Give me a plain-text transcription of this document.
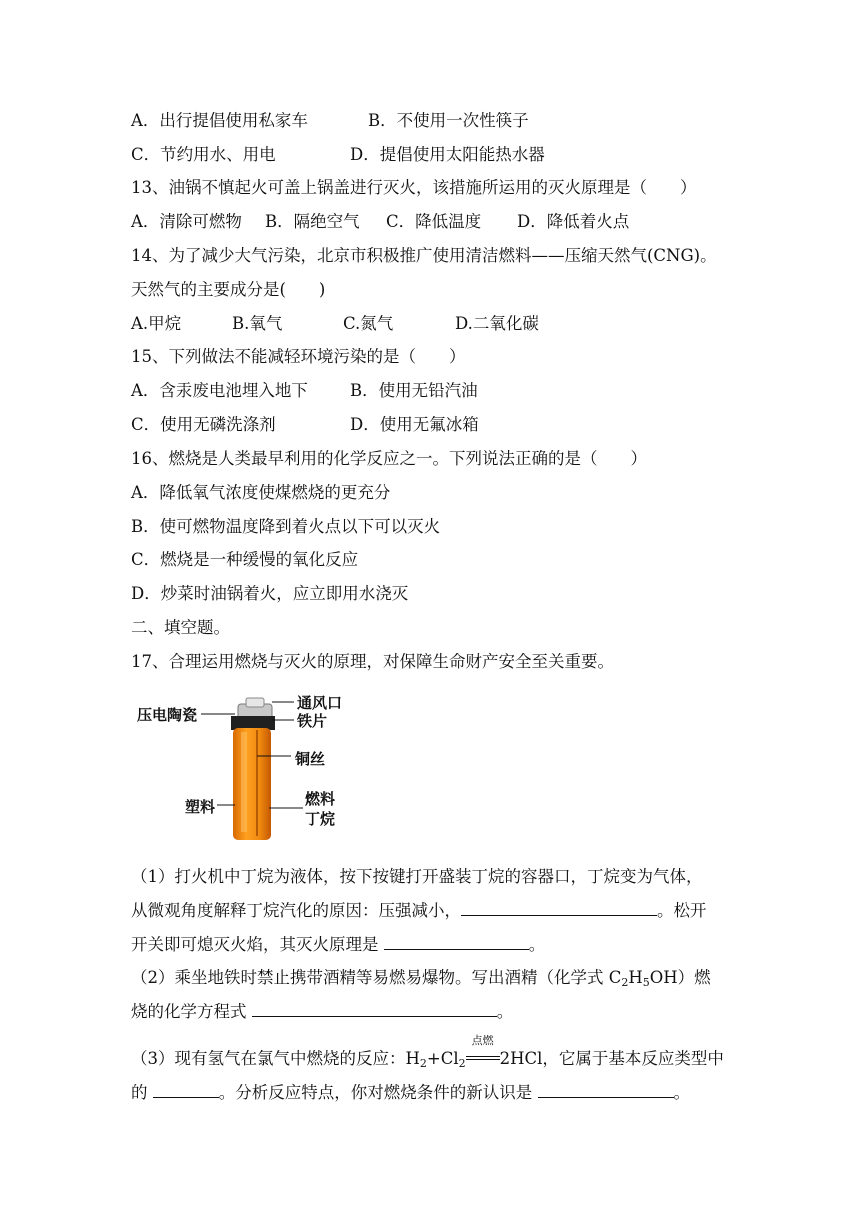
A．出行提倡使用私家车	B．不使用一次性筷子
C．节约用水、用电	D．提倡使用太阳能热水器
13、油锅不慎起火可盖上锅盖进行灭火，该措施所运用的灭火原理是（　　）
A．清除可燃物 B．隔绝空气 C．降低温度 D．降低着火点
14、为了减少大气污染，北京市积极推广使用清洁燃料——压缩天然气(CNG)。
天然气的主要成分是(　　)
A.甲烷	B.氧气	C.氮气	D.二氧化碳
15、下列做法不能减轻环境污染的是（　　）
A．含汞废电池埋入地下	B．使用无铅汽油
C．使用无磷洗涤剂	D．使用无氟冰箱
16、燃烧是人类最早利用的化学反应之一。下列说法正确的是（　　）
A．降低氧气浓度使煤燃烧的更充分
B．使可燃物温度降到着火点以下可以灭火
C．燃烧是一种缓慢的氧化反应
D．炒菜时油锅着火，应立即用水浇灭
二、填空题。
17、合理运用燃烧与灭火的原理，对保障生命财产安全至关重要。
压电陶瓷
通风口
铁片
铜丝
燃料
丁烷
塑料
（1）打火机中丁烷为液体，按下按键打开盛装丁烷的容器口，丁烷变为气体，
从微观角度解释丁烷汽化的原因：压强减小，	。松开
开关即可熄灭火焰，其灭火原理是	。
（2）乘坐地铁时禁止携带酒精等易燃易爆物。写出酒精（化学式 $C_2H_5OH$）燃
烧的化学方程式	。
（3）现有氢气在氯气中燃烧的反应：$H_2+Cl_2$
点燃
2HCl，它属于基本反应类型中
的	。分析反应特点，你对燃烧条件的新认识是	。
